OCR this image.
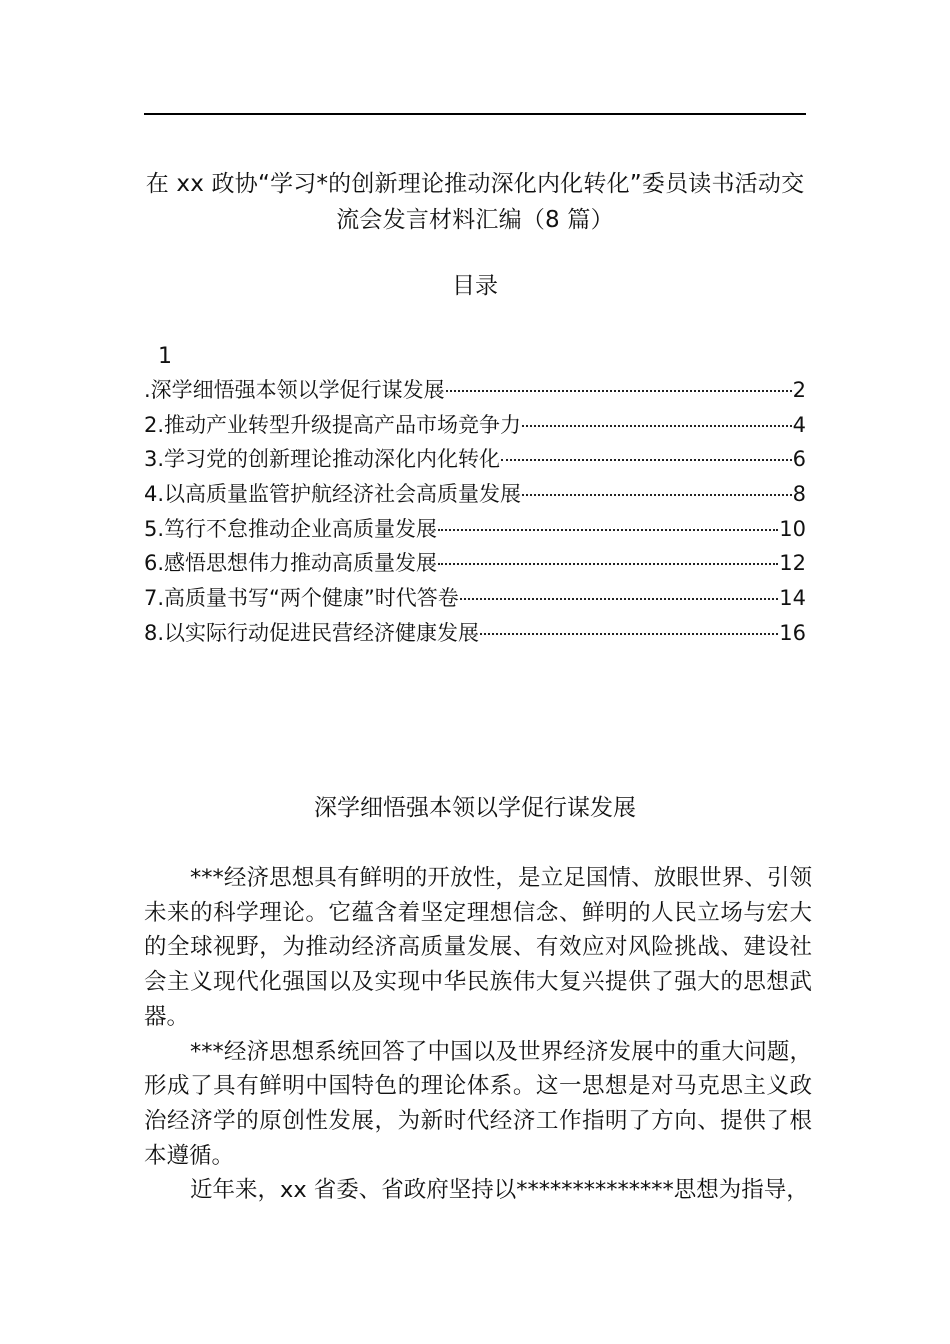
在 xx 政协“学习*的创新理论推动深化内化转化”委员读书活动交流会发言材料汇编（8 篇）
目录
1
.深学细悟强本领以学促行谋发展	2
2.推动产业转型升级提高产品市场竞争力	4
3.学习党的创新理论推动深化内化转化	6
4.以高质量监管护航经济社会高质量发展	8
5.笃行不怠推动企业高质量发展	10
6.感悟思想伟力推动高质量发展	12
7.高质量书写“两个健康”时代答卷	14
8.以实际行动促进民营经济健康发展	16
深学细悟强本领以学促行谋发展

***经济思想具有鲜明的开放性，是立足国情、放眼世界、引领未来的科学理论。它蕴含着坚定理想信念、鲜明的人民立场与宏大的全球视野，为推动经济高质量发展、有效应对风险挑战、建设社会主义现代化强国以及实现中华民族伟大复兴提供了强大的思想武器。

***经济思想系统回答了中国以及世界经济发展中的重大问题，形成了具有鲜明中国特色的理论体系。这一思想是对马克思主义政治经济学的原创性发展，为新时代经济工作指明了方向、提供了根本遵循。

近年来，xx 省委、省政府坚持以**************思想为指导，
